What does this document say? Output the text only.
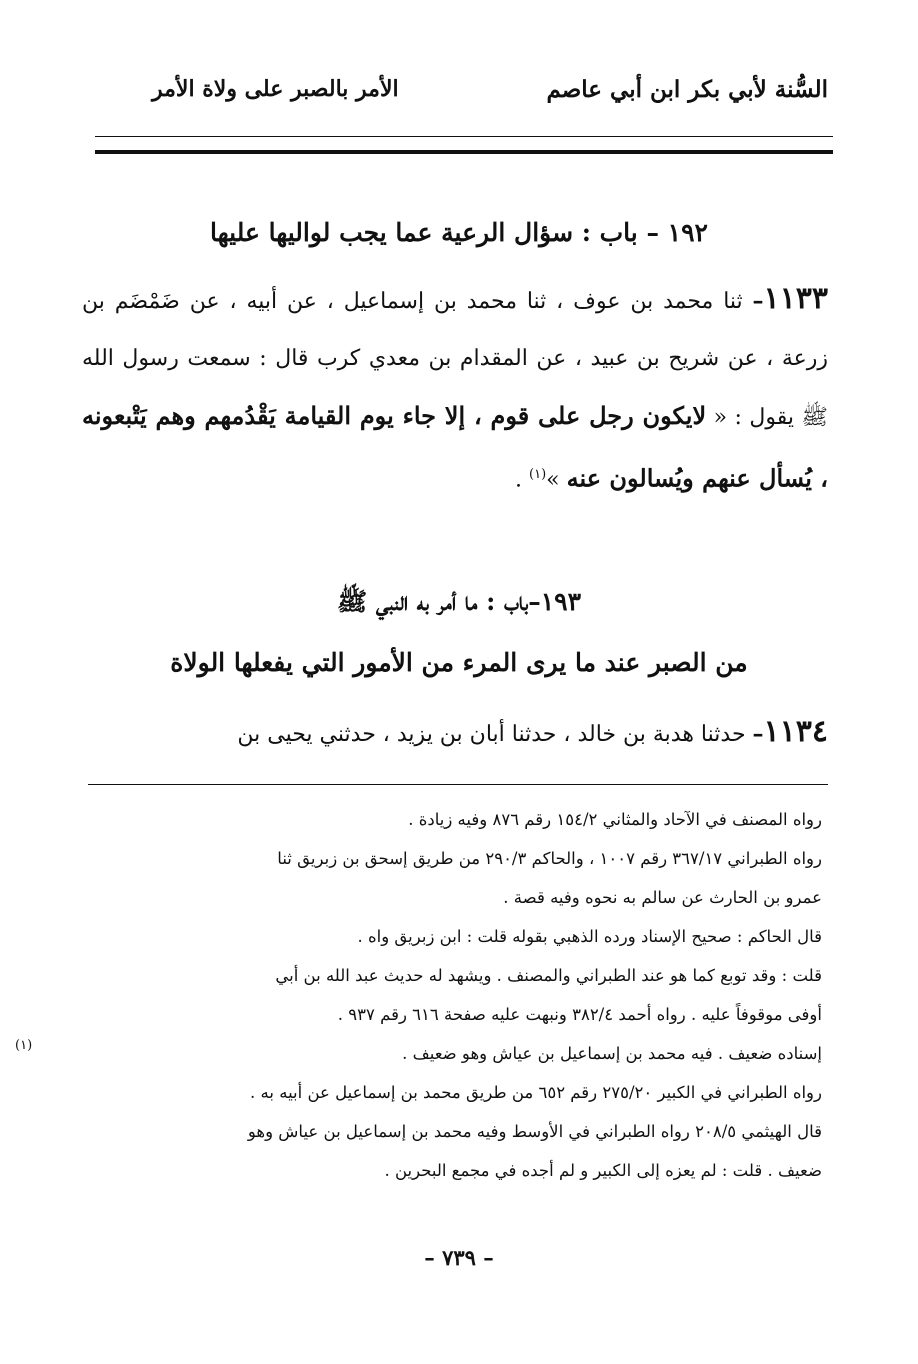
السُّنة لأبي بكر ابن أبي عاصم
الأمر بالصبر على ولاة الأمر
١٩٢ – باب : سؤال الرعية عما يجب لواليها عليها
١١٣٣– ثنا محمد بن عوف ، ثنا محمد بن إسماعيل ، عن أبيه ، عن ضَمْضَم بن زرعة ، عن شريح بن عبيد ، عن المقدام بن معدي كرب قال : سمعت رسول الله ﷺ يقول : « لايكون رجل على قوم ، إلا جاء يوم القيامة يَقْدُمهم وهم يَتْبعونه ، يُسأل عنهم ويُسالون عنه »$^{(١)}$ .
١٩٣–باب : ما أمر به النبي ﷺ
من الصبر عند ما يرى المرء من الأمور التي يفعلها الولاة
١١٣٤– حدثنا هدبة بن خالد ، حدثنا أبان بن يزيد ، حدثني يحيى بن
رواه المصنف في الآحاد والمثاني ١٥٤/٢ رقم ٨٧٦ وفيه زيادة .
رواه الطبراني ٣٦٧/١٧ رقم ١٠٠٧ ، والحاكم ٢٩٠/٣ من طريق إسحق بن زبريق ثنا
عمرو بن الحارث عن سالم به نحوه وفيه قصة .
قال الحاكم : صحيح الإسناد ورده الذهبي بقوله قلت : ابن زبريق واه .
قلت : وقد توبع كما هو عند الطبراني والمصنف . ويشهد له حديث عبد الله بن أبي
أوفى موقوفاً عليه . رواه أحمد ٣٨٢/٤ ونبهت عليه صفحة ٦١٦ رقم ٩٣٧ .
إسناده ضعيف . فيه محمد بن إسماعيل بن عياش وهو ضعيف .
(١)
رواه الطبراني في الكبير ٢٧٥/٢٠ رقم ٦٥٢ من طريق محمد بن إسماعيل عن أبيه به .
قال الهيثمي ٢٠٨/٥ رواه الطبراني في الأوسط وفيه محمد بن إسماعيل بن عياش وهو
ضعيف . قلت : لم يعزه إلى الكبير و لم أجده في مجمع البحرين .
– ٧٣٩ –
